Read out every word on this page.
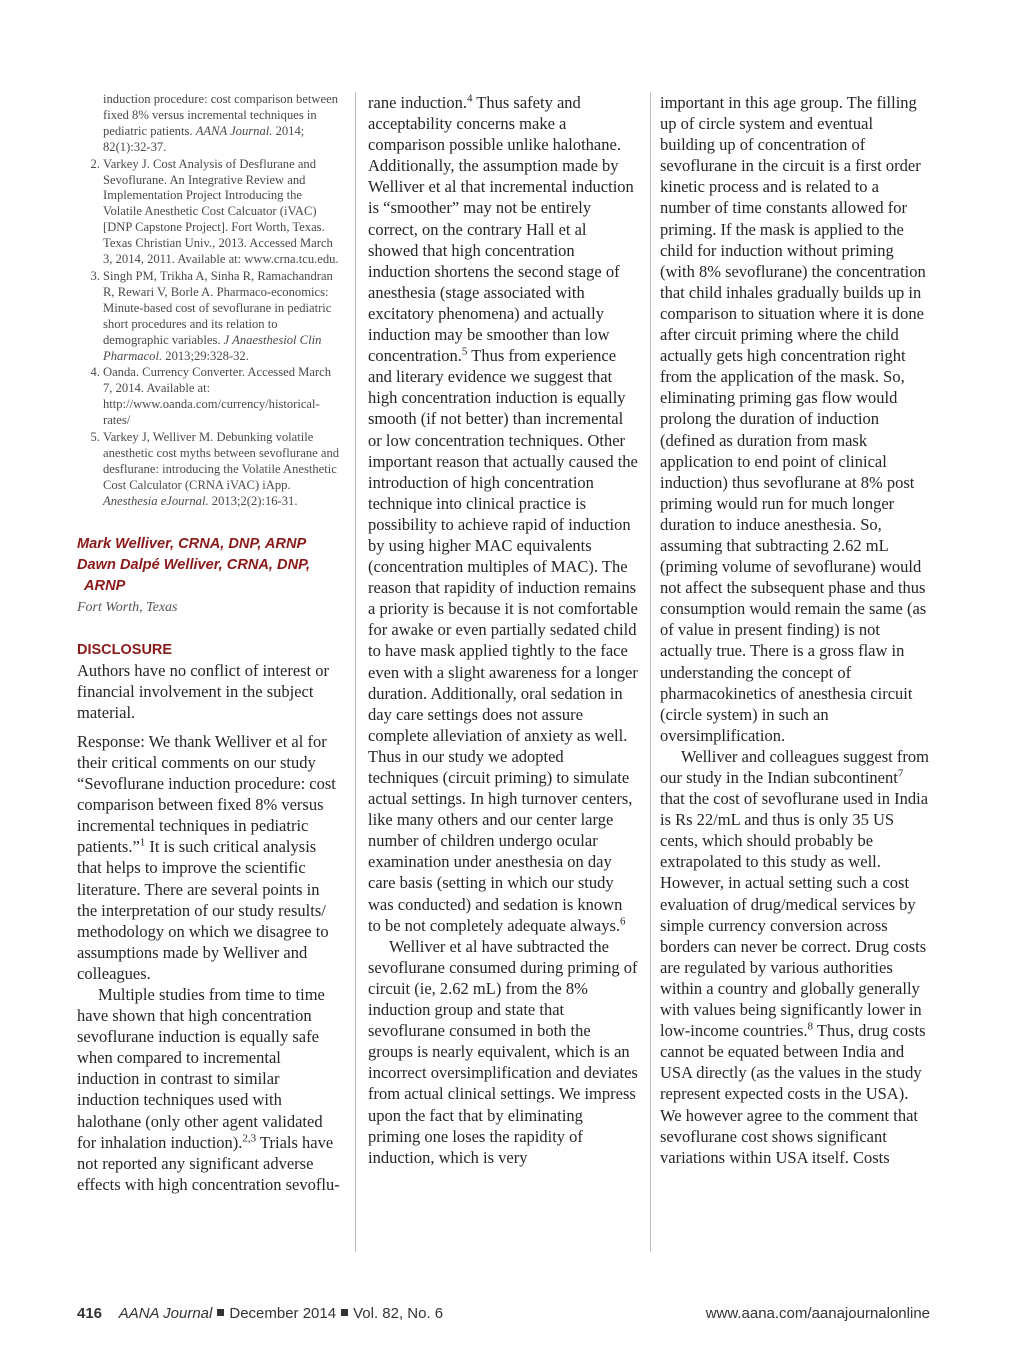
induction procedure: cost comparison between fixed 8% versus incremental techniques in pediatric patients. AANA Journal. 2014; 82(1):32-37.
2. Varkey J. Cost Analysis of Desflurane and Sevoflurane. An Integrative Review and Implementation Project Introducing the Volatile Anesthetic Cost Calcuator (iVAC) [DNP Capstone Project]. Fort Worth, Texas. Texas Christian Univ., 2013. Accessed March 3, 2014, 2011. Available at: www.crna.tcu.edu.
3. Singh PM, Trikha A, Sinha R, Ramachandran R, Rewari V, Borle A. Pharmaco-economics: Minute-based cost of sevoflurane in pediatric short procedures and its relation to demographic variables. J Anaesthesiol Clin Pharmacol. 2013;29:328-32.
4. Oanda. Currency Converter. Accessed March 7, 2014. Available at: http://www.oanda.com/currency/historical-rates/
5. Varkey J, Welliver M. Debunking volatile anesthetic cost myths between sevoflurane and desflurane: introducing the Volatile Anesthetic Cost Calculator (CRNA iVAC) iApp. Anesthesia eJournal. 2013;2(2):16-31.
Mark Welliver, CRNA, DNP, ARNP
Dawn Dalpé Welliver, CRNA, DNP,
ARNP
Fort Worth, Texas
DISCLOSURE

Authors have no conflict of interest or financial involvement in the subject material.

Response: We thank Welliver et al for their critical comments on our study “Sevoflurane induction procedure: cost comparison between fixed 8% versus incremental techniques in pediatric patients.”$^1$ It is such critical analysis that helps to improve the scientific literature. There are several points in the interpretation of our study results/ methodology on which we disagree to assumptions made by Welliver and colleagues.

Multiple studies from time to time have shown that high concentration sevoflurane induction is equally safe when compared to incremental induction in contrast to similar induction techniques used with halothane (only other agent validated for inhalation induction).$^{2,3}$ Trials have not reported any significant adverse effects with high concentration sevoflu-

rane induction.$^4$ Thus safety and acceptability concerns make a comparison possible unlike halothane. Additionally, the assumption made by Welliver et al that incremental induction is “smoother” may not be entirely correct, on the contrary Hall et al showed that high concentration induction shortens the second stage of anesthesia (stage associated with excitatory phenomena) and actually induction may be smoother than low concentration.$^5$ Thus from experience and literary evidence we suggest that high concentration induction is equally smooth (if not better) than incremental or low concentration techniques. Other important reason that actually caused the introduction of high concentration technique into clinical practice is possibility to achieve rapid of induction by using higher MAC equivalents (concentration multiples of MAC). The reason that rapidity of induction remains a priority is because it is not comfortable for awake or even partially sedated child to have mask applied tightly to the face even with a slight awareness for a longer duration. Additionally, oral sedation in day care settings does not assure complete alleviation of anxiety as well. Thus in our study we adopted techniques (circuit priming) to simulate actual settings. In high turnover centers, like many others and our center large number of children undergo ocular examination under anesthesia on day care basis (setting in which our study was conducted) and sedation is known to be not completely adequate always.$^6$

Welliver et al have subtracted the sevoflurane consumed during priming of circuit (ie, 2.62 mL) from the 8% induction group and state that sevoflurane consumed in both the groups is nearly equivalent, which is an incorrect oversimplification and deviates from actual clinical settings. We impress upon the fact that by eliminating priming one loses the rapidity of induction, which is very

important in this age group. The filling up of circle system and eventual building up of concentration of sevoflurane in the circuit is a first order kinetic process and is related to a number of time constants allowed for priming. If the mask is applied to the child for induction without priming (with 8% sevoflurane) the concentration that child inhales gradually builds up in comparison to situation where it is done after circuit priming where the child actually gets high concentration right from the application of the mask. So, eliminating priming gas flow would prolong the duration of induction (defined as duration from mask application to end point of clinical induction) thus sevoflurane at 8% post priming would run for much longer duration to induce anesthesia. So, assuming that subtracting 2.62 mL (priming volume of sevoflurane) would not affect the subsequent phase and thus consumption would remain the same (as of value in present finding) is not actually true. There is a gross flaw in understanding the concept of pharmacokinetics of anesthesia circuit (circle system) in such an oversimplification.

Welliver and colleagues suggest from our study in the Indian subcontinent$^7$ that the cost of sevoflurane used in India is Rs 22/mL and thus is only 35 US cents, which should probably be extrapolated to this study as well. However, in actual setting such a cost evaluation of drug/medical services by simple currency conversion across borders can never be correct. Drug costs are regulated by various authorities within a country and globally generally with values being significantly lower in low-income countries.$^8$ Thus, drug costs cannot be equated between India and USA directly (as the values in the study represent expected costs in the USA). We however agree to the comment that sevoflurane cost shows significant variations within USA itself. Costs

416 AANA Journal December 2014 Vol. 82, No. 6	www.aana.com/aanajournalonline
